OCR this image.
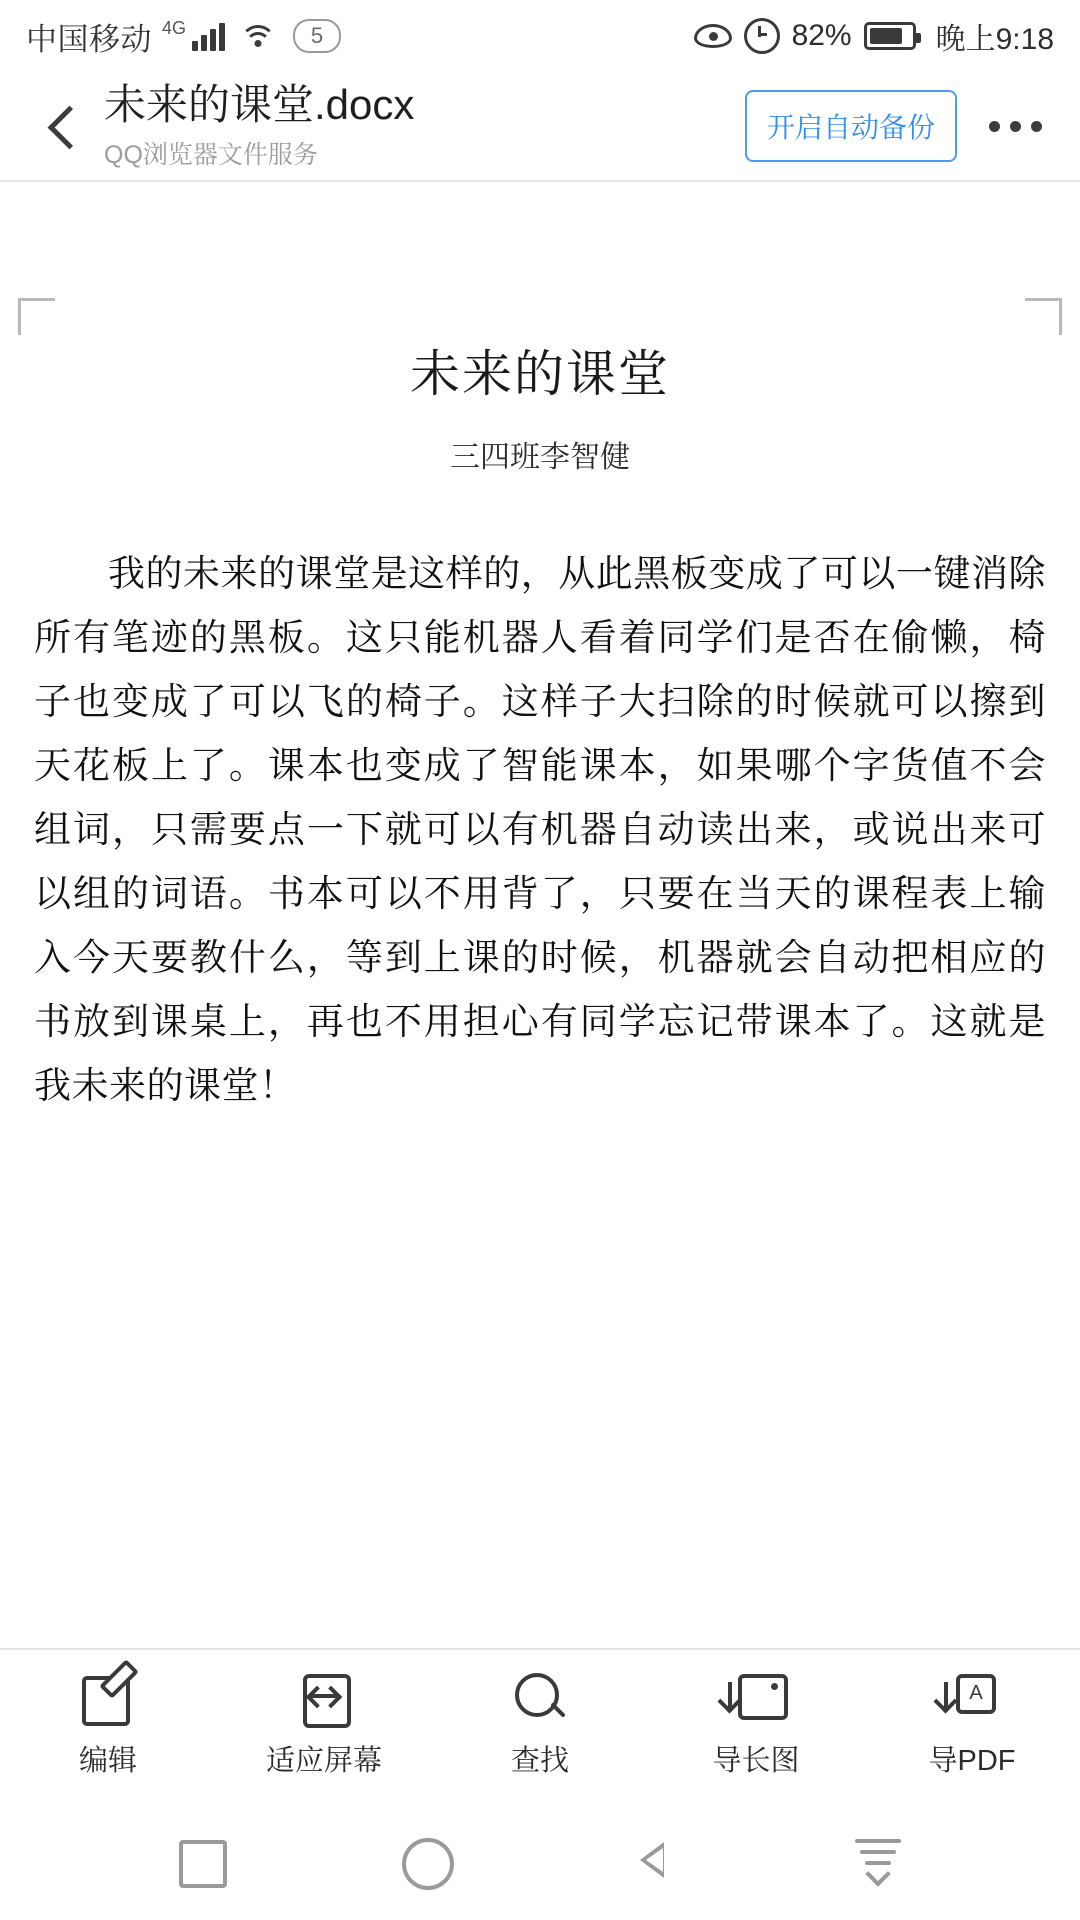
中国移动 4G	5	82%	晚上9:18
未来的课堂.docx
QQ浏览器文件服务
开启自动备份
未来的课堂
三四班李智健
我的未来的课堂是这样的，从此黑板变成了可以一键消除所有笔迹的黑板。这只能机器人看着同学们是否在偷懒，椅子也变成了可以飞的椅子。这样子大扫除的时候就可以擦到天花板上了。课本也变成了智能课本，如果哪个字货值不会组词，只需要点一下就可以有机器自动读出来，或说出来可以组的词语。书本可以不用背了，只要在当天的课程表上输入今天要教什么，等到上课的时候，机器就会自动把相应的书放到课桌上，再也不用担心有同学忘记带课本了。这就是我未来的课堂！
编辑	适应屏幕	查找	导长图
A
导PDF
